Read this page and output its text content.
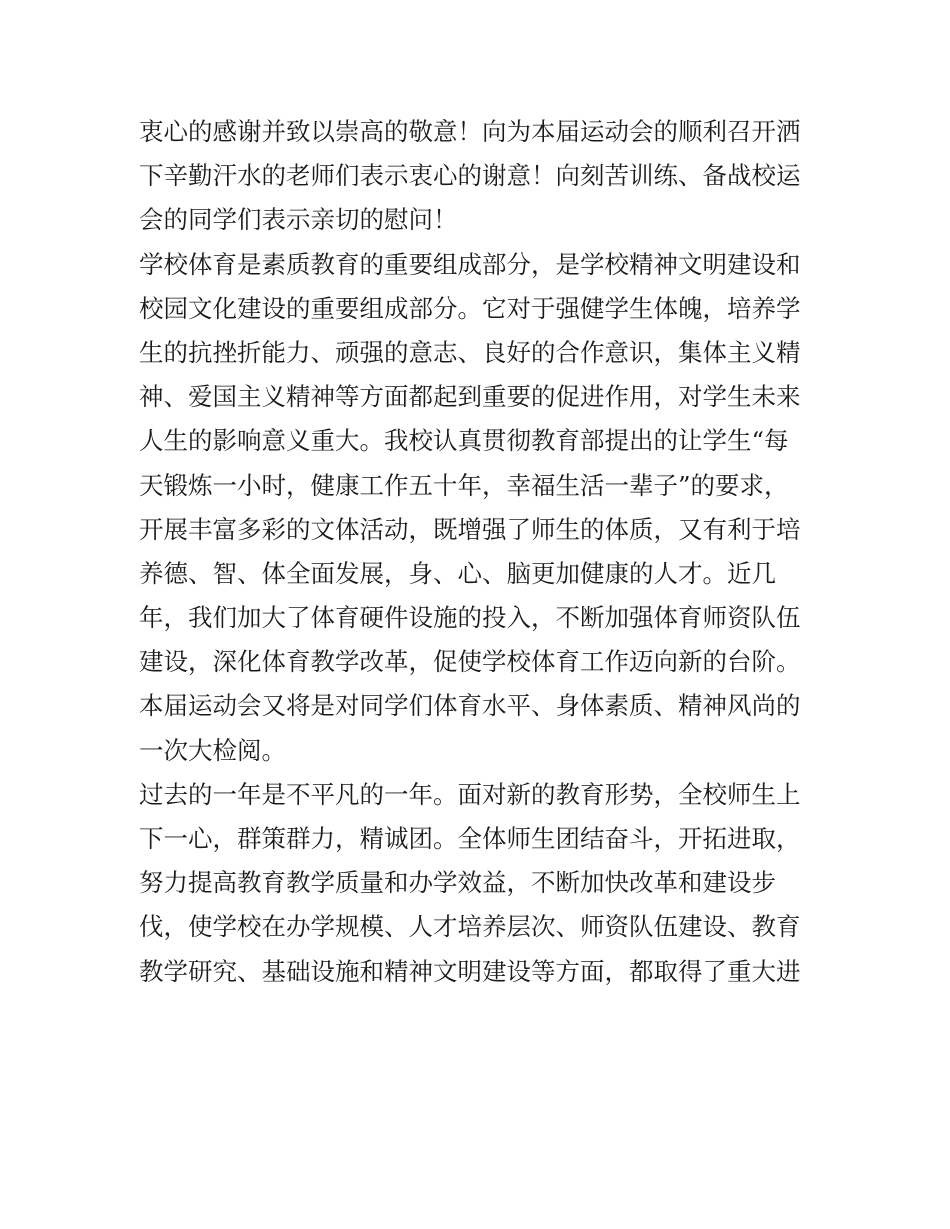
衷心的感谢并致以崇高的敬意！向为本届运动会的顺利召开洒
下辛勤汗水的老师们表示衷心的谢意！向刻苦训练、备战校运
会的同学们表示亲切的慰问！
学校体育是素质教育的重要组成部分，是学校精神文明建设和
校园文化建设的重要组成部分。它对于强健学生体魄，培养学
生的抗挫折能力、顽强的意志、良好的合作意识，集体主义精
神、爱国主义精神等方面都起到重要的促进作用，对学生未来
人生的影响意义重大。我校认真贯彻教育部提出的让学生“每
天锻炼一小时，健康工作五十年，幸福生活一辈子”的要求，
开展丰富多彩的文体活动，既增强了师生的体质，又有利于培
养德、智、体全面发展，身、心、脑更加健康的人才。近几
年，我们加大了体育硬件设施的投入，不断加强体育师资队伍
建设，深化体育教学改革，促使学校体育工作迈向新的台阶。
本届运动会又将是对同学们体育水平、身体素质、精神风尚的
一次大检阅。
过去的一年是不平凡的一年。面对新的教育形势，全校师生上
下一心，群策群力，精诚团。全体师生团结奋斗，开拓进取，
努力提高教育教学质量和办学效益，不断加快改革和建设步
伐，使学校在办学规模、人才培养层次、师资队伍建设、教育
教学研究、基础设施和精神文明建设等方面，都取得了重大进
